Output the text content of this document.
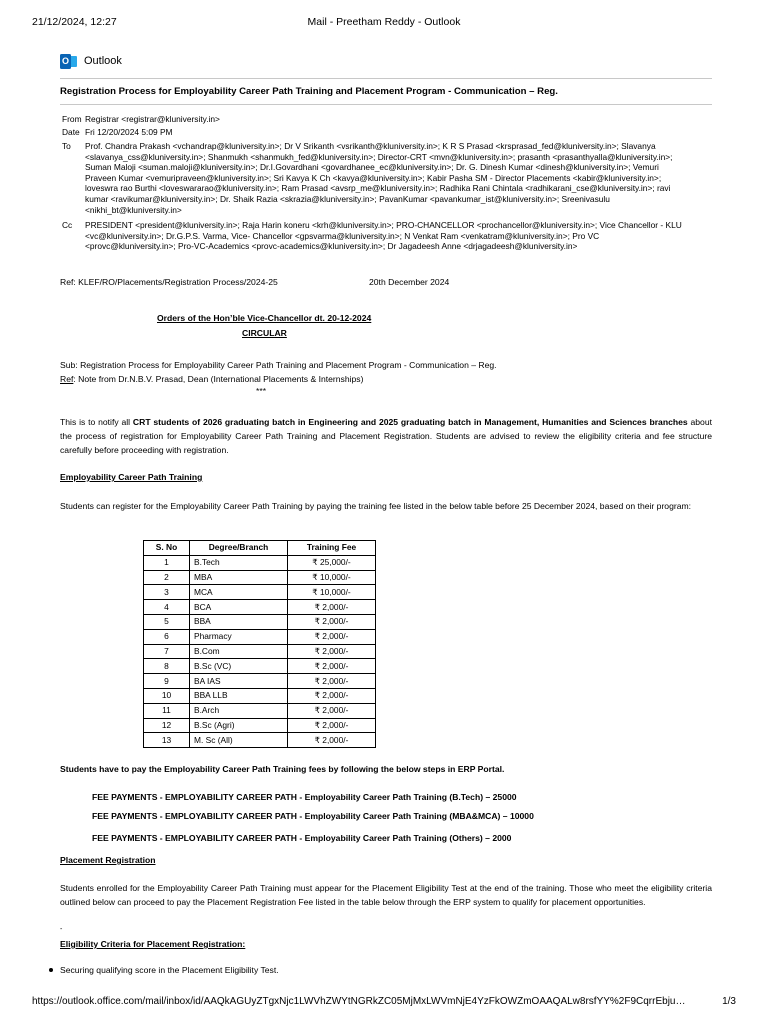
21/12/2024, 12:27	Mail - Preetham Reddy - Outlook
O Outlook
Registration Process for Employability Career Path Training and Placement Program - Communication – Reg.
From Registrar <registrar@kluniversity.in>
Date Fri 12/20/2024 5:09 PM
To Prof. Chandra Prakash <vchandrap@kluniversity.in>; Dr V Srikanth <vsrikanth@kluniversity.in>; K R S Prasad <krsprasad_fed@kluniversity.in>; Slavanya
<slavanya_css@kluniversity.in>; Shanmukh <shanmukh_fed@kluniversity.in>; Director-CRT <mvn@kluniversity.in>; prasanth <prasanthyalla@kluniversity.in>;
Suman Maloji <suman.maloji@kluniversity.in>; Dr.I.Govardhani <govardhanee_ec@kluniversity.in>; Dr. G. Dinesh Kumar <dinesh@kluniversity.in>; Vemuri
Praveen Kumar <vemuripraveen@kluniversity.in>; Sri Kavya K Ch <kavya@kluniversity.in>; Kabir Pasha SM - Director Placements <kabir@kluniversity.in>;
loveswra rao Burthi <loveswararao@kluniversity.in>; Ram Prasad <avsrp_me@kluniversity.in>; Radhika Rani Chintala <radhikarani_cse@kluniversity.in>; ravi
kumar <ravikumar@kluniversity.in>; Dr. Shaik Razia <skrazia@kluniversity.in>; PavanKumar <pavankumar_ist@kluniversity.in>; Sreenivasulu
<nikhi_bt@kluniversity.in>
Cc PRESIDENT <president@kluniversity.in>; Raja Harin koneru <krh@kluniversity.in>; PRO-CHANCELLOR <prochancellor@kluniversity.in>; Vice Chancellor - KLU
<vc@kluniversity.in>; Dr.G.P.S. Varma, Vice- Chancellor <gpsvarma@kluniversity.in>; N Venkat Ram <venkatram@kluniversity.in>; Pro VC
<provc@kluniversity.in>; Pro-VC-Academics <provc-academics@kluniversity.in>; Dr Jagadeesh Anne <drjagadeesh@kluniversity.in>
Ref: KLEF/RO/Placements/Registration Process/2024-25	20th December 2024
Orders of the Hon’ble Vice-Chancellor dt. 20-12-2024
CIRCULAR
Sub: Registration Process for Employability Career Path Training and Placement Program - Communication – Reg.
Ref: Note from Dr.N.B.V. Prasad, Dean (International Placements & Internships)
***
This is to notify all CRT students of 2026 graduating batch in Engineering and 2025 graduating batch in Management, Humanities and Sciences branches about the process of registration for Employability Career Path Training and Placement Registration. Students are advised to review the eligibility criteria and fee structure carefully before proceeding with registration.
Employability Career Path Training
Students can register for the Employability Career Path Training by paying the training fee listed in the below table before 25 December 2024, based on their program:
S. No	Degree/Branch	Training Fee
1	B.Tech	₹ 25,000/-
2	MBA	₹ 10,000/-
3	MCA	₹ 10,000/-
4	BCA	₹ 2,000/-
5	BBA	₹ 2,000/-
6	Pharmacy	₹ 2,000/-
7	B.Com	₹ 2,000/-
8	B.Sc (VC)	₹ 2,000/-
9	BA IAS	₹ 2,000/-
10	BBA LLB	₹ 2,000/-
11	B.Arch	₹ 2,000/-
12	B.Sc (Agri)	₹ 2,000/-
13	M. Sc (All)	₹ 2,000/-
Students have to pay the Employability Career Path Training fees by following the below steps in ERP Portal.
FEE PAYMENTS - EMPLOYABILITY CAREER PATH - Employability Career Path Training (B.Tech) – 25000
FEE PAYMENTS - EMPLOYABILITY CAREER PATH - Employability Career Path Training (MBA&MCA) – 10000
FEE PAYMENTS - EMPLOYABILITY CAREER PATH - Employability Career Path Training (Others) – 2000
Placement Registration
Students enrolled for the Employability Career Path Training must appear for the Placement Eligibility Test at the end of the training. Those who meet the eligibility criteria outlined below can proceed to pay the Placement Registration Fee listed in the table below through the ERP system to qualify for placement opportunities.
-
Eligibility Criteria for Placement Registration:
Securing qualifying score in the Placement Eligibility Test.
https://outlook.office.com/mail/inbox/id/AAQkAGUyZTgxNjc1LWVhZWYtNGRkZC05MjMxLWVmNjE4YzFkOWZmOAAQALw8rsfYY%2F9CqrrEbju…	1/3
